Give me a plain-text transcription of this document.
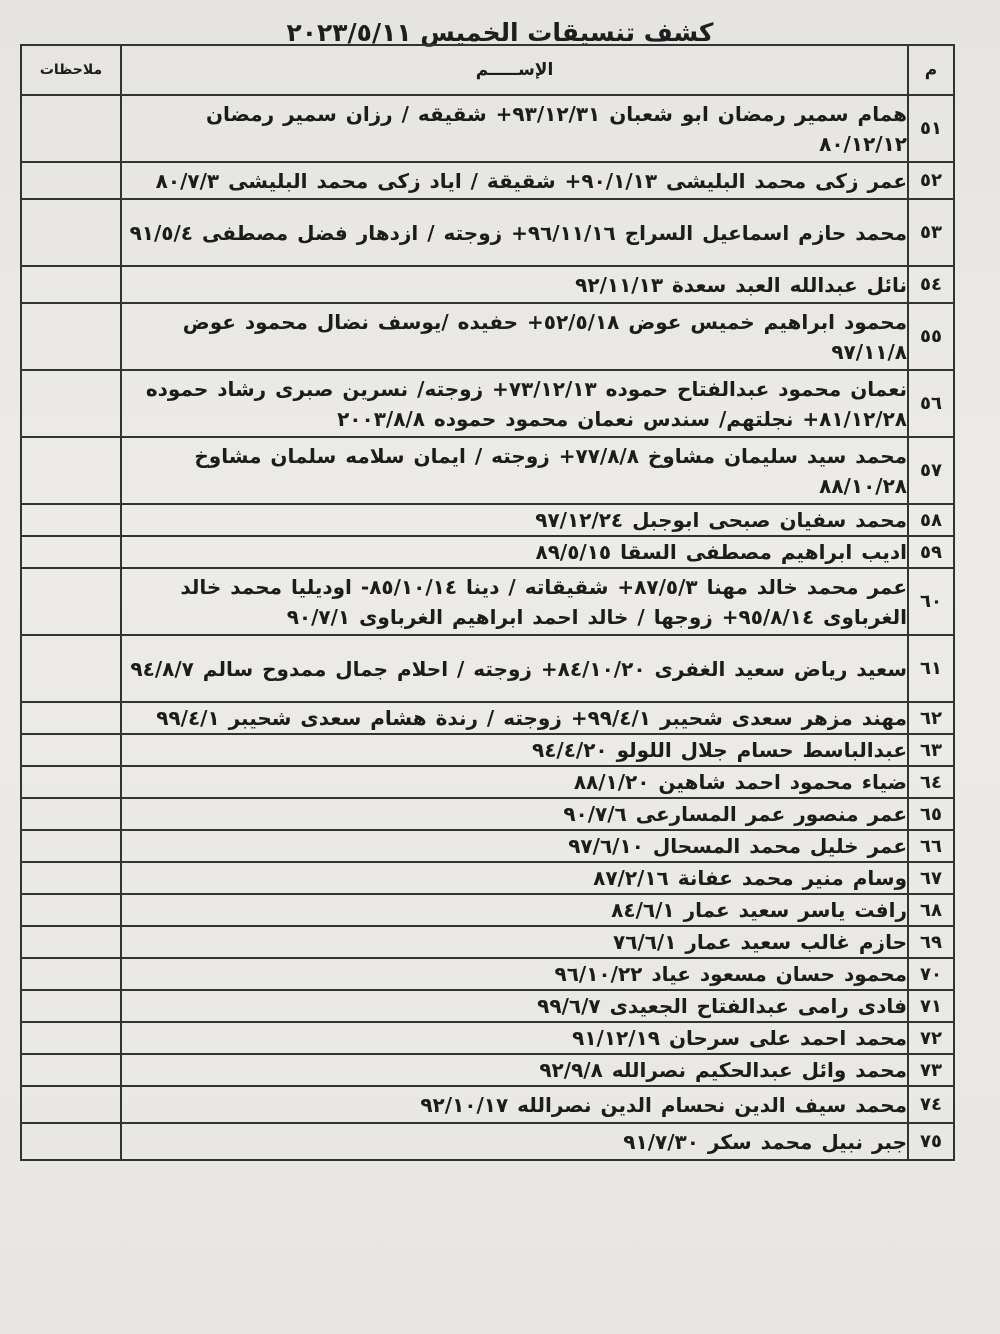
كشف تنسيقات الخميس ٢٠٢٣/٥/١١
م	الإســـــم	ملاحظات
٥١	همام سمير رمضان ابو شعبان ٩٣/١٢/٣١+ شقيقه / رزان سمير رمضان ٨٠/١٢/١٢	
٥٢	عمر زكى محمد البليشى ٩٠/١/١٣+ شقيقة / اياد زكى محمد البليشى ٨٠/٧/٣	
٥٣	محمد حازم اسماعيل السراج ٩٦/١١/١٦+ زوجته / ازدهار فضل مصطفى ٩١/٥/٤	
٥٤	نائل عبدالله العبد سعدة ٩٢/١١/١٣	
٥٥	محمود ابراهيم خميس عوض ٥٢/٥/١٨+ حفيده /يوسف نضال محمود عوض ٩٧/١١/٨	
٥٦	نعمان محمود عبدالفتاح حموده ٧٣/١٢/١٣+ زوجته/ نسرين صبرى رشاد حموده ٨١/١٢/٢٨+ نجلتهم/ سندس نعمان محمود حموده ٢٠٠٣/٨/٨	
٥٧	محمد سيد سليمان مشاوخ ٧٧/٨/٨+ زوجته / ايمان سلامه سلمان مشاوخ ٨٨/١٠/٢٨	
٥٨	محمد سفيان صبحى ابوجبل ٩٧/١٢/٢٤	
٥٩	اديب ابراهيم مصطفى السقا ٨٩/٥/١٥	
٦٠	عمر محمد خالد مهنا ٨٧/٥/٣+ شقيقاته / دينا ٨٥/١٠/١٤- اوديليا محمد خالد الغرباوى ٩٥/٨/١٤+ زوجها / خالد احمد ابراهيم الغرباوى ٩٠/٧/١	
٦١	سعيد رياض سعيد الغفرى ٨٤/١٠/٢٠+ زوجته / احلام جمال ممدوح سالم ٩٤/٨/٧	
٦٢	مهند مزهر سعدى شحيبر ٩٩/٤/١+ زوجته / رندة هشام سعدى شحيبر ٩٩/٤/١	
٦٣	عبدالباسط حسام جلال اللولو ٩٤/٤/٢٠	
٦٤	ضياء محمود احمد شاهين ٨٨/١/٢٠	
٦٥	عمر منصور عمر المسارعى ٩٠/٧/٦	
٦٦	عمر خليل محمد المسحال ٩٧/٦/١٠	
٦٧	وسام منير محمد عفانة ٨٧/٢/١٦	
٦٨	رافت ياسر سعيد عمار ٨٤/٦/١	
٦٩	حازم غالب سعيد عمار ٧٦/٦/١	
٧٠	محمود حسان مسعود عياد ٩٦/١٠/٢٢	
٧١	فادى رامى عبدالفتاح الجعيدى ٩٩/٦/٧	
٧٢	محمد احمد على سرحان ٩١/١٢/١٩	
٧٣	محمد وائل عبدالحكيم نصرالله ٩٢/٩/٨	
٧٤	محمد سيف الدين نحسام الدين نصرالله ٩٢/١٠/١٧	
٧٥	جبر نبيل محمد سكر ٩١/٧/٣٠	
